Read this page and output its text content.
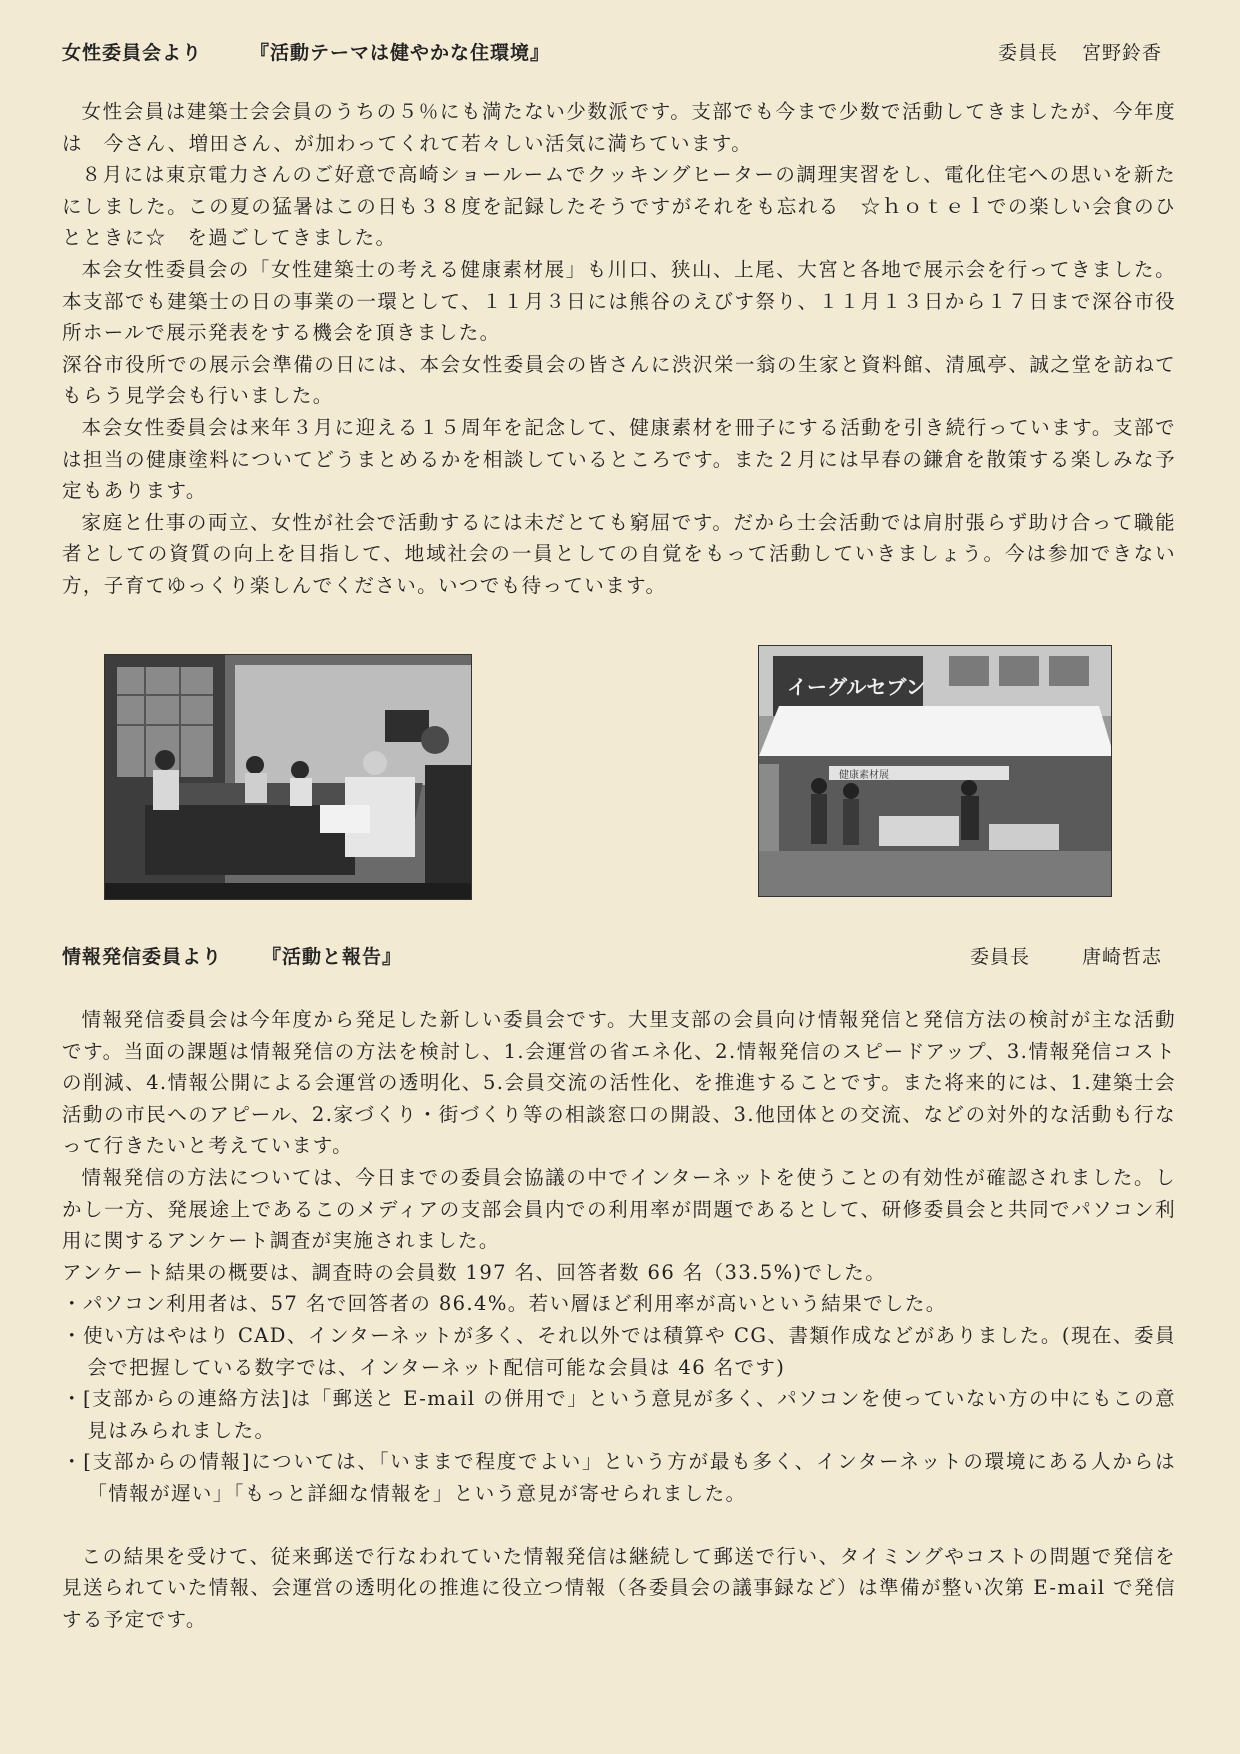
女性委員会より	『活動テーマは健やかな住環境』	委員長 宮野鈴香

女性会員は建築士会会員のうちの５％にも満たない少数派です。支部でも今まで少数で活動してきましたが、今年度は　今さん、増田さん、が加わってくれて若々しい活気に満ちています。

８月には東京電力さんのご好意で高崎ショールームでクッキングヒーターの調理実習をし、電化住宅への思いを新たにしました。この夏の猛暑はこの日も３８度を記録したそうですがそれをも忘れる　☆ｈｏｔｅｌでの楽しい会食のひとときに☆　を過ごしてきました。

本会女性委員会の「女性建築士の考える健康素材展」も川口、狭山、上尾、大宮と各地で展示会を行ってきました。本支部でも建築士の日の事業の一環として、１１月３日には熊谷のえびす祭り、１１月１３日から１７日まで深谷市役所ホールで展示発表をする機会を頂きました。

深谷市役所での展示会準備の日には、本会女性委員会の皆さんに渋沢栄一翁の生家と資料館、清風亭、誠之堂を訪ねてもらう見学会も行いました。

本会女性委員会は来年３月に迎える１５周年を記念して、健康素材を冊子にする活動を引き続行っています。支部では担当の健康塗料についてどうまとめるかを相談しているところです。また２月には早春の鎌倉を散策する楽しみな予定もあります。

家庭と仕事の両立、女性が社会で活動するには未だとても窮屈です。だから士会活動では肩肘張らず助け合って職能者としての資質の向上を目指して、地域社会の一員としての自覚をもって活動していきましょう。今は参加できない方，子育てゆっくり楽しんでください。いつでも待っています。

イーグルセブン
健康素材展
情報発信委員より 『活動と報告』	委員長	唐崎哲志

情報発信委員会は今年度から発足した新しい委員会です。大里支部の会員向け情報発信と発信方法の検討が主な活動です。当面の課題は情報発信の方法を検討し、1.会運営の省エネ化、2.情報発信のスピードアップ、3.情報発信コストの削減、4.情報公開による会運営の透明化、5.会員交流の活性化、を推進することです。また将来的には、1.建築士会活動の市民へのアピール、2.家づくり・街づくり等の相談窓口の開設、3.他団体との交流、などの対外的な活動も行なって行きたいと考えています。

情報発信の方法については、今日までの委員会協議の中でインターネットを使うことの有効性が確認されました。しかし一方、発展途上であるこのメディアの支部会員内での利用率が問題であるとして、研修委員会と共同でパソコン利用に関するアンケート調査が実施されました。

アンケート結果の概要は、調査時の会員数 197 名、回答者数 66 名（33.5%)でした。

・パソコン利用者は、57 名で回答者の 86.4%。若い層ほど利用率が高いという結果でした。

・使い方はやはり CAD、インターネットが多く、それ以外では積算や CG、書類作成などがありました。(現在、委員会で把握している数字では、インターネット配信可能な会員は 46 名です)

・[支部からの連絡方法]は「郵送と E-mail の併用で」という意見が多く、パソコンを使っていない方の中にもこの意見はみられました。

・[支部からの情報]については、「いままで程度でよい」という方が最も多く、インターネットの環境にある人からは「情報が遅い」「もっと詳細な情報を」という意見が寄せられました。

この結果を受けて、従来郵送で行なわれていた情報発信は継続して郵送で行い、タイミングやコストの問題で発信を見送られていた情報、会運営の透明化の推進に役立つ情報（各委員会の議事録など）は準備が整い次第 E-mail で発信する予定です。
